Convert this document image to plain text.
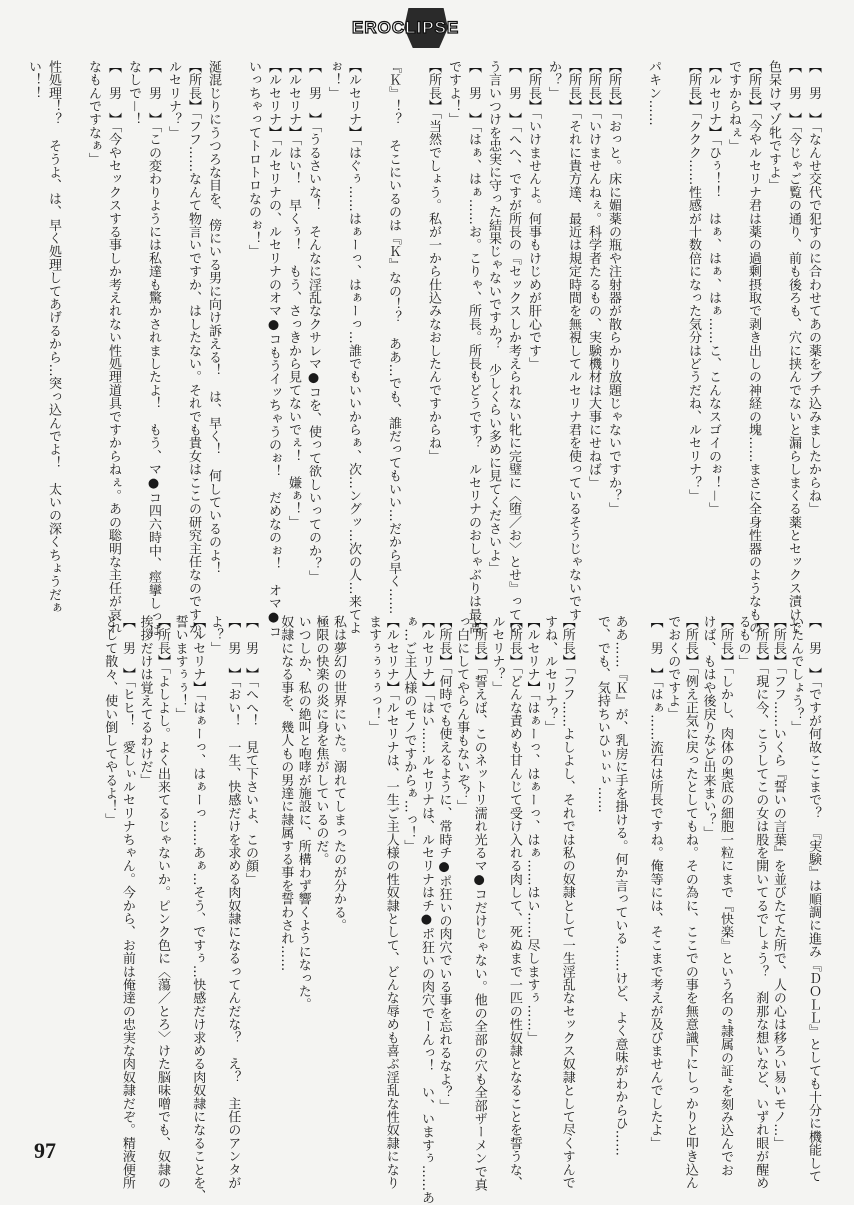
EROCLIPSE
【　男　】「なんせ交代で犯すのに合わせてあの薬をブチ込みましたからね」
【　男　】「今じゃご覧の通り、前も後ろも、穴に挟んでないと漏らしまくる薬とセックス漬けで
色呆けマゾ牝ですよ」
【所長】「今やルセリナ君は薬の過剰摂取で剥き出しの神経の塊……まさに全身性器のようなもの
ですからねぇ」
【ルセリナ】「ひぅ！！　はぁ、はぁ、はぁ……こ、こんなスゴイのぉ！－」
【所長】「ククク……性感が十数倍になった気分はどうだね、ルセリナ？」
パキン……
【所長】「おっと。床に媚薬の瓶や注射器が散らかり放題じゃないですか？」
【所長】「いけませんねぇ。科学者たるもの、実験機材は大事にせねば」
【所長】「それに貴方達、最近は規定時間を無視してルセリナ君を使っているそうじゃないです
か？」
【所長】「いけませんよ。何事もけじめが肝心です」
【　男　】「へへ、ですが所長の『セックスしか考えられない牝に完璧に〈堕／お〉とせ』ってい
う言いつけを忠実に守った結果じゃないですか？　少しくらい多めに見てくださいよ」
【　男　】「はぁ、はぁ……お。こりゃ、所長。所長もどうです？　ルセリナのおしゃぶりは最高
ですよ！」
【所長】「当然でしょう。私が一から仕込みなおしたんですからね」
『Ｋ』！？　そこにいるのは『Ｋ』なの！？　ああ…でも、誰だってもいい…だから早く……
【ルセリナ】「はぐぅ……はぁーっ、はぁーっ…誰でもいいからぁ、次…ングッ…次の人…来てよ
ぉ！」
【　男　】「うるさいな！　そんなに淫乱なクサレマ●コを、使って欲しいってのか？」
【ルセリナ】「はい！　早くぅ！　もう、さっきから見てないでぇ！　嫌ぁ！」
【ルセリナ】「ルセリナの、ルセリナのオマ●コもうイッちゃうのぉ！　だめなのぉ！　オマ●コ
いっちゃってトロトロなのぉ！」
涎混じりにうつろな目を、傍にいる男に向け訴える！　は、早く！　何しているのよ！
【所長】「フフ……なんて物言いですか、はしたない。それでも貴女はここの研究主任なのですか、
ルセリナ？」
【　男　】「この変わりようには私達も驚かされましたよ！　もう、マ●コ四六時中、痙攣しっぱ
なしで－！
【　男　】「今やセックスする事しか考えれない性処理道具ですからねぇ。あの聡明な主任が哀れ
なもんですなぁ」
性処理！？　そうよ、は、早く処理してあげるから…突っ込んでよ！　太いの深くちょうだぁ
い！！
【　男　】「ですが何故ここまで？　『実験』は順調に進み『ＤＯＬＬ』としても十分に機能して
いたんでしょう？」
【所長】「フフ……いくら『誓いの言葉』を並びたてた所で、人の心は移ろい易いモノ…」
【所長】「現に今、こうしてこの女は股を開いてるでしょう？　刹那な想いなど、いずれ眼が醒め
るもの」
【所長】「しかし、肉体の奥底の細胞一粒にまで『快楽』という名の“隷属の証”を刻み込んでお
けば、もはや後戻りなど出来まい？」
【所長】「例え正気に戻ったとしてもね。その為に、ここでの事を無意識下にしっかりと叩き込ん
でおくのですよ」
【　男　】「はぁ……流石は所長ですね。俺等には、そこまで考えが及びませんでしたよ」
ああ……『Ｋ』が、乳房に手を掛ける。何か言っている……けど、よく意味がわからひ……
で、でも、気持ちいひぃぃぃ……
【所長】「フフ……よしよし、それでは私の奴隷として一生淫乱なセックス奴隷として尽くすんで
すね、ルセリナ？」
【ルセリナ】「はぁーっ、はぁーっ、はぁ……はい……尽しますぅ……」
【所長】「どんな責めも甘んじて受け入れる肉して、死ぬまで一匹の性奴隷となることを誓うな、
ルセリナ？」
【所長】「誓えば、このネットリ濡れ光るマ●コだけじゃない。他の全部の穴も全部ザーメンで真
っ白にしてやらん事もないぞ？」
【所長】「何時でも使えるように、常時チ●ポ狂いの肉穴でいる事を忘れるなよ？」
【ルセリナ】「はい……ルセリナは、ルセリナはチ●ポ狂いの肉穴でーんっ！　い、いますぅ……あ
ぁ…ご主人様のモノですからぁ…っ！」
【ルセリナ】「ルセリナは、一生ご主人様の性奴隷として、どんな辱めも喜ぶ淫乱な性奴隷になり
ますぅぅぅぅっ！」
私は夢幻の世界にいた。溺れてしまったのが分かる。
極限の快楽の炎に身を焦がしているのだ。
いつしか、私の絶叫と咆哮が施設に、所構わず響くようになった。
奴隷になる事を、幾人もの男達に隷属する事を誓わされ……
【　男　】「へへ！　見て下さいよ、この顔」
【　男　】「おい！　一生、快感だけを求める肉奴隷になるってんだな？　え？　主任のアンタが
よ？」
【ルセリナ】「はぁーっ、はぁーっ……あぁ…そう、ですぅ…快感だけ求める肉奴隷になることを、
誓いますぅぅ！」
【所長】「よしよし。よく出来てるじゃないか。ピンク色に〈蕩／とろ〉けた脳味噌でも、奴隷の
挨拶だけは覚えてるわけだ」
【　男　】「ヒヒ！　愛しぃルセリナちゃん。今から、お前は俺達の忠実な肉奴隷だぞ。精液便所
として散々、使い倒してやるよ！」
97
